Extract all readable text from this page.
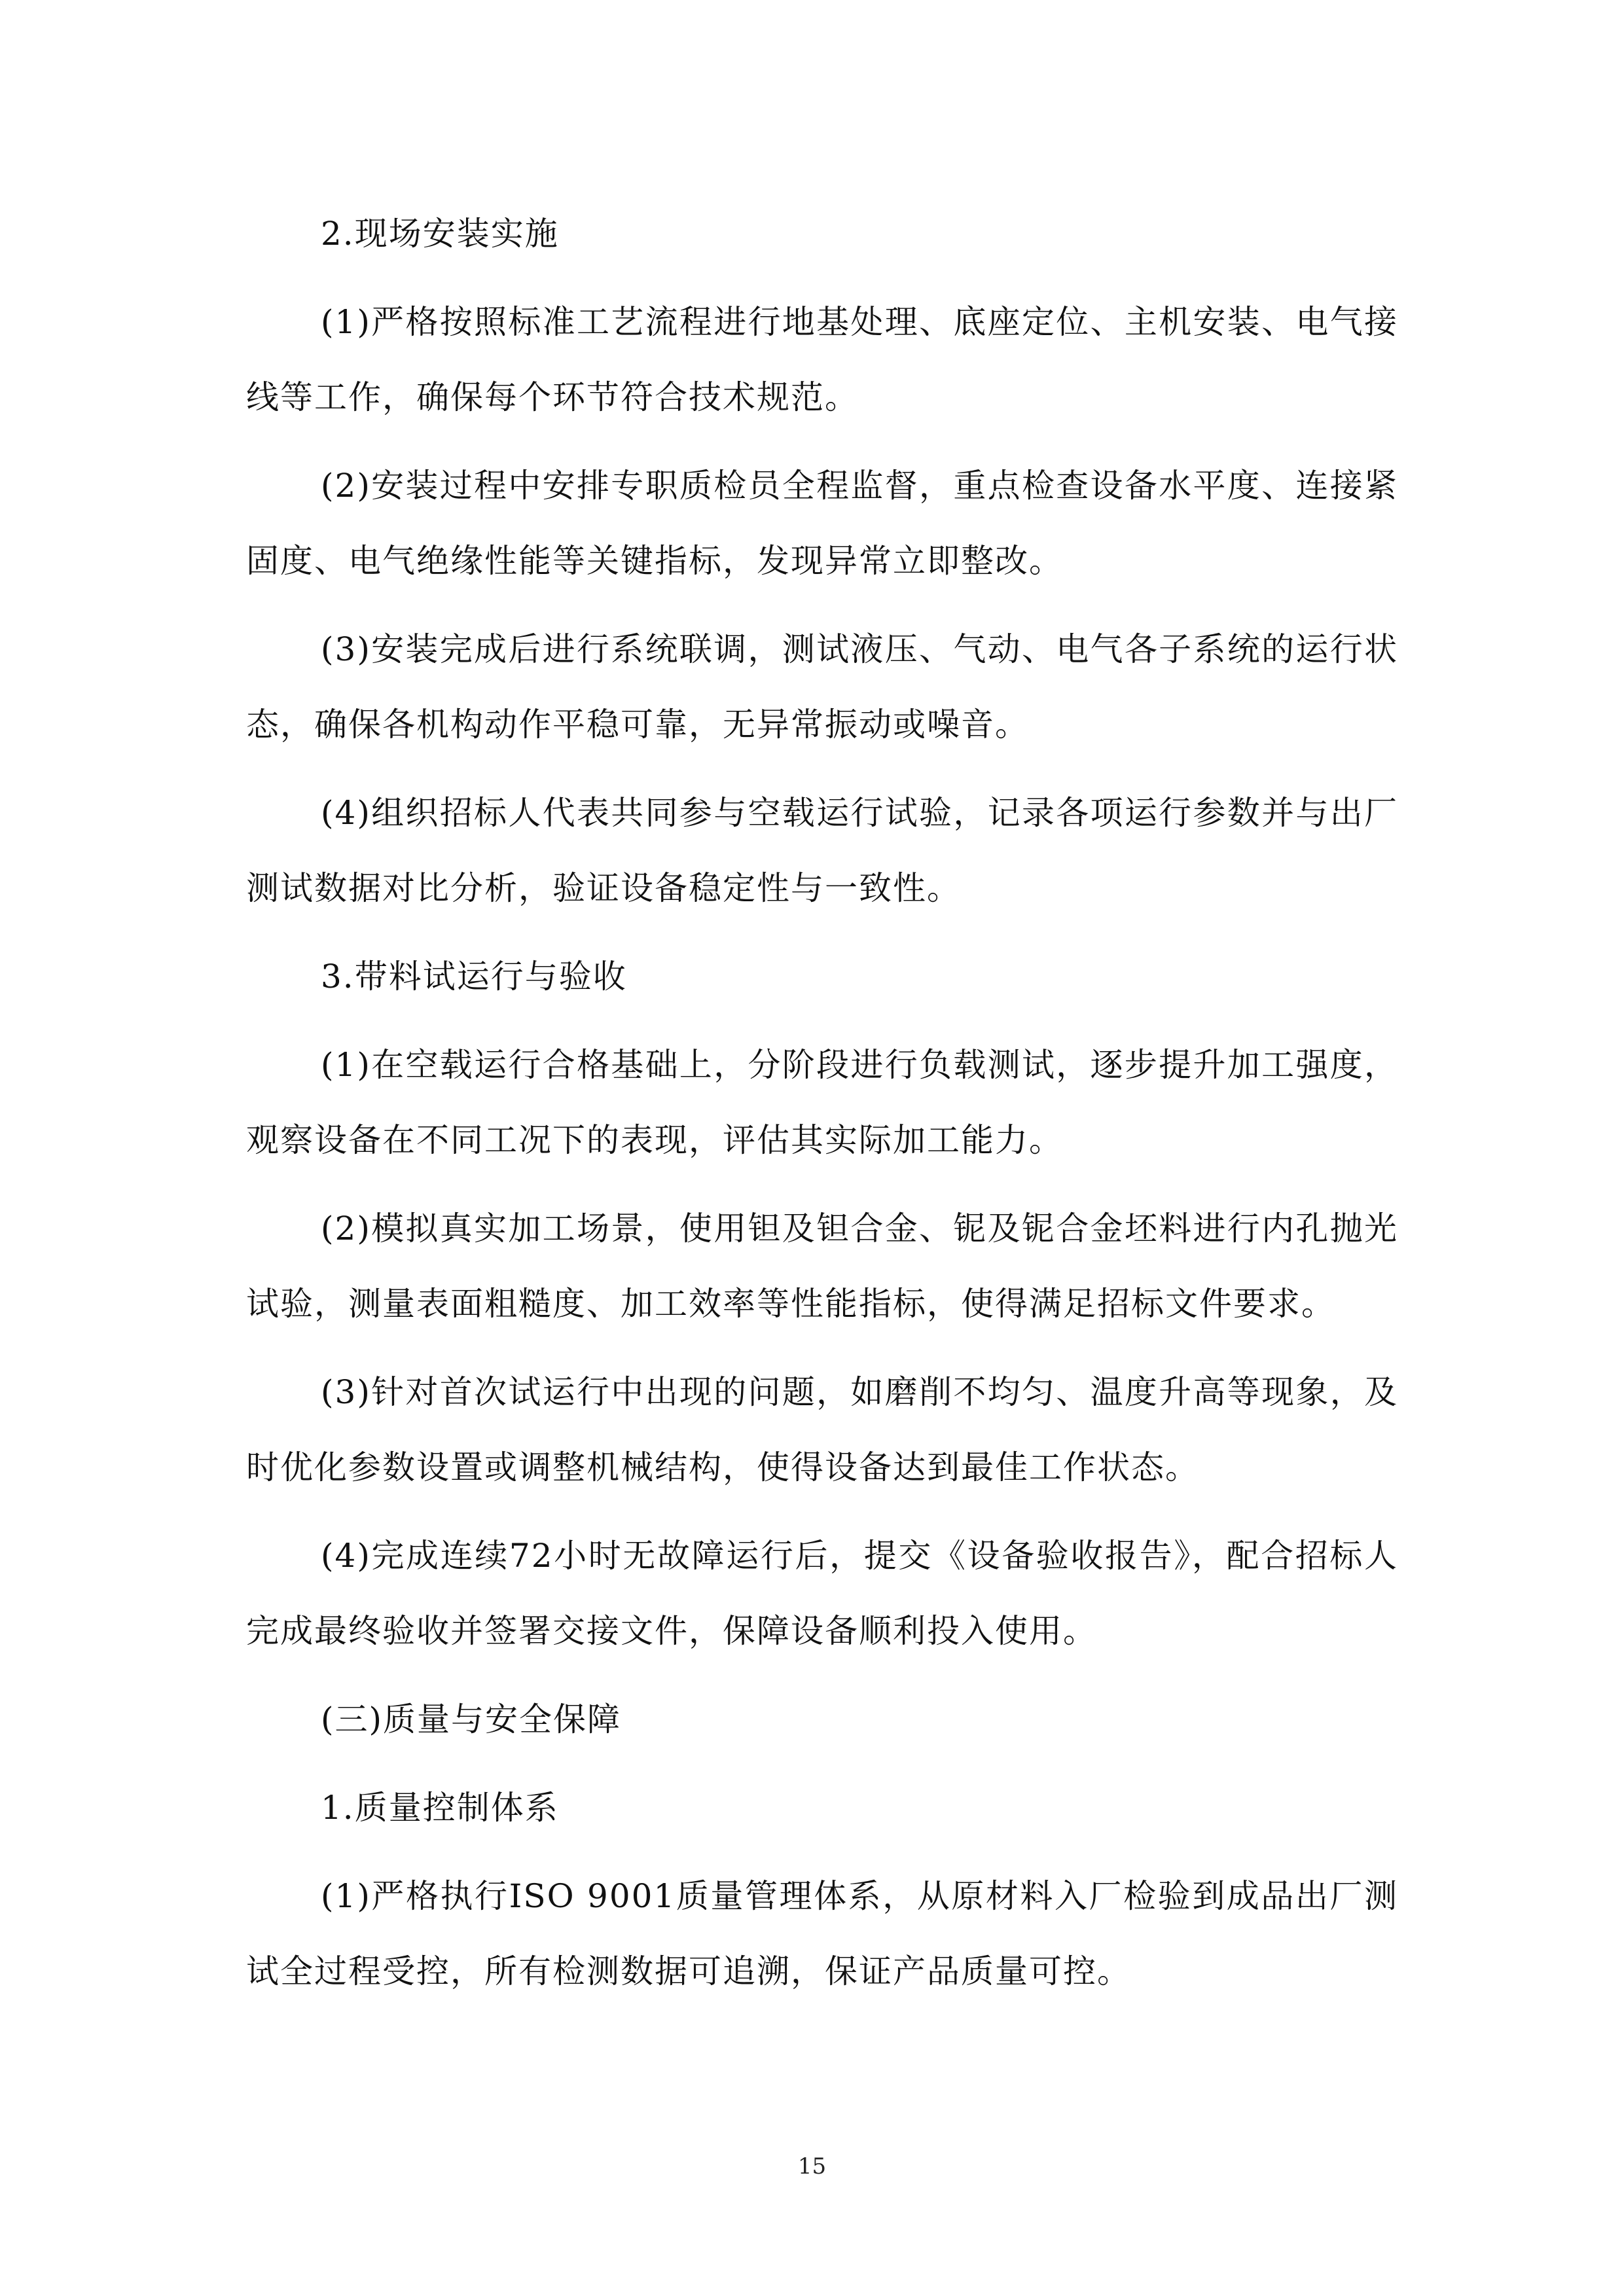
2.现场安装实施

(1)严格按照标准工艺流程进行地基处理、底座定位、主机安装、电气接线等工作，确保每个环节符合技术规范。

(2)安装过程中安排专职质检员全程监督，重点检查设备水平度、连接紧固度、电气绝缘性能等关键指标，发现异常立即整改。

(3)安装完成后进行系统联调，测试液压、气动、电气各子系统的运行状态，确保各机构动作平稳可靠，无异常振动或噪音。

(4)组织招标人代表共同参与空载运行试验，记录各项运行参数并与出厂测试数据对比分析，验证设备稳定性与一致性。

3.带料试运行与验收

(1)在空载运行合格基础上，分阶段进行负载测试，逐步提升加工强度，观察设备在不同工况下的表现，评估其实际加工能力。

(2)模拟真实加工场景，使用钽及钽合金、铌及铌合金坯料进行内孔抛光试验，测量表面粗糙度、加工效率等性能指标，使得满足招标文件要求。

(3)针对首次试运行中出现的问题，如磨削不均匀、温度升高等现象，及时优化参数设置或调整机械结构，使得设备达到最佳工作状态。

(4)完成连续72小时无故障运行后，提交《设备验收报告》，配合招标人完成最终验收并签署交接文件，保障设备顺利投入使用。

(三)质量与安全保障

1.质量控制体系

(1)严格执行ISO 9001质量管理体系，从原材料入厂检验到成品出厂测试全过程受控，所有检测数据可追溯，保证产品质量可控。

15
